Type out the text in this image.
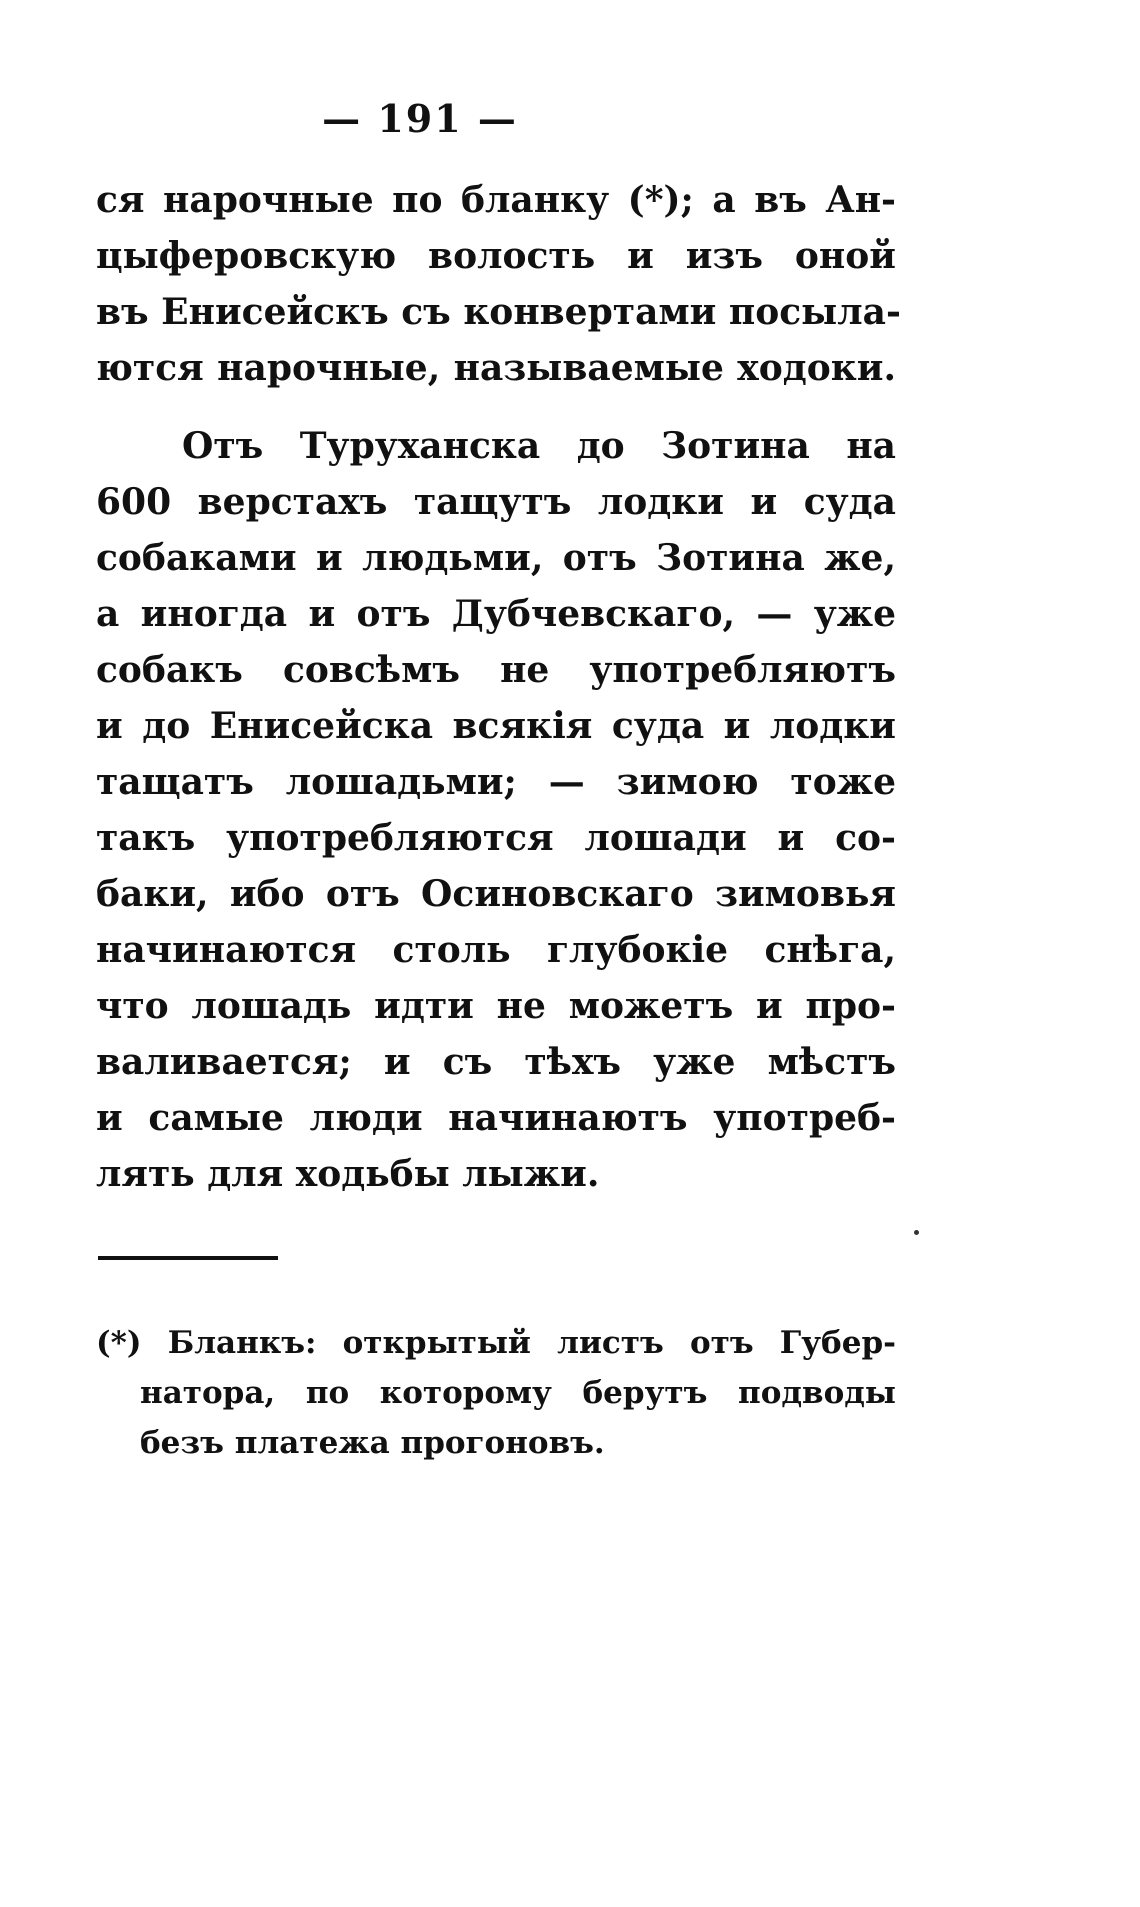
— 191 —
ся нарочные по бланку (*); а въ Ан-
цыферовскую волость и изъ оной
въ Енисейскъ съ конвертами посыла-
ются нарочные, называемые ходоки.
Отъ Туруханска до Зотина на
600 верстахъ тащутъ лодки и суда
собаками и людьми, отъ Зотина же,
а иногда и отъ Дубчевскаго, — уже
собакъ совсѣмъ не употребляютъ
и до Енисейска всякія суда и лодки
тащатъ лошадьми; — зимою тоже
такъ употребляются лошади и со-
баки, ибо отъ Осиновскаго зимовья
начинаются столь глубокіе снѣга,
что лошадь идти не можетъ и про-
валивается; и съ тѣхъ уже мѣстъ
и самые люди начинаютъ употреб-
лять для ходьбы лыжи.
(*) Бланкъ: открытый листъ отъ Губер-
натора, по которому берутъ подводы
безъ платежа прогоновъ.
